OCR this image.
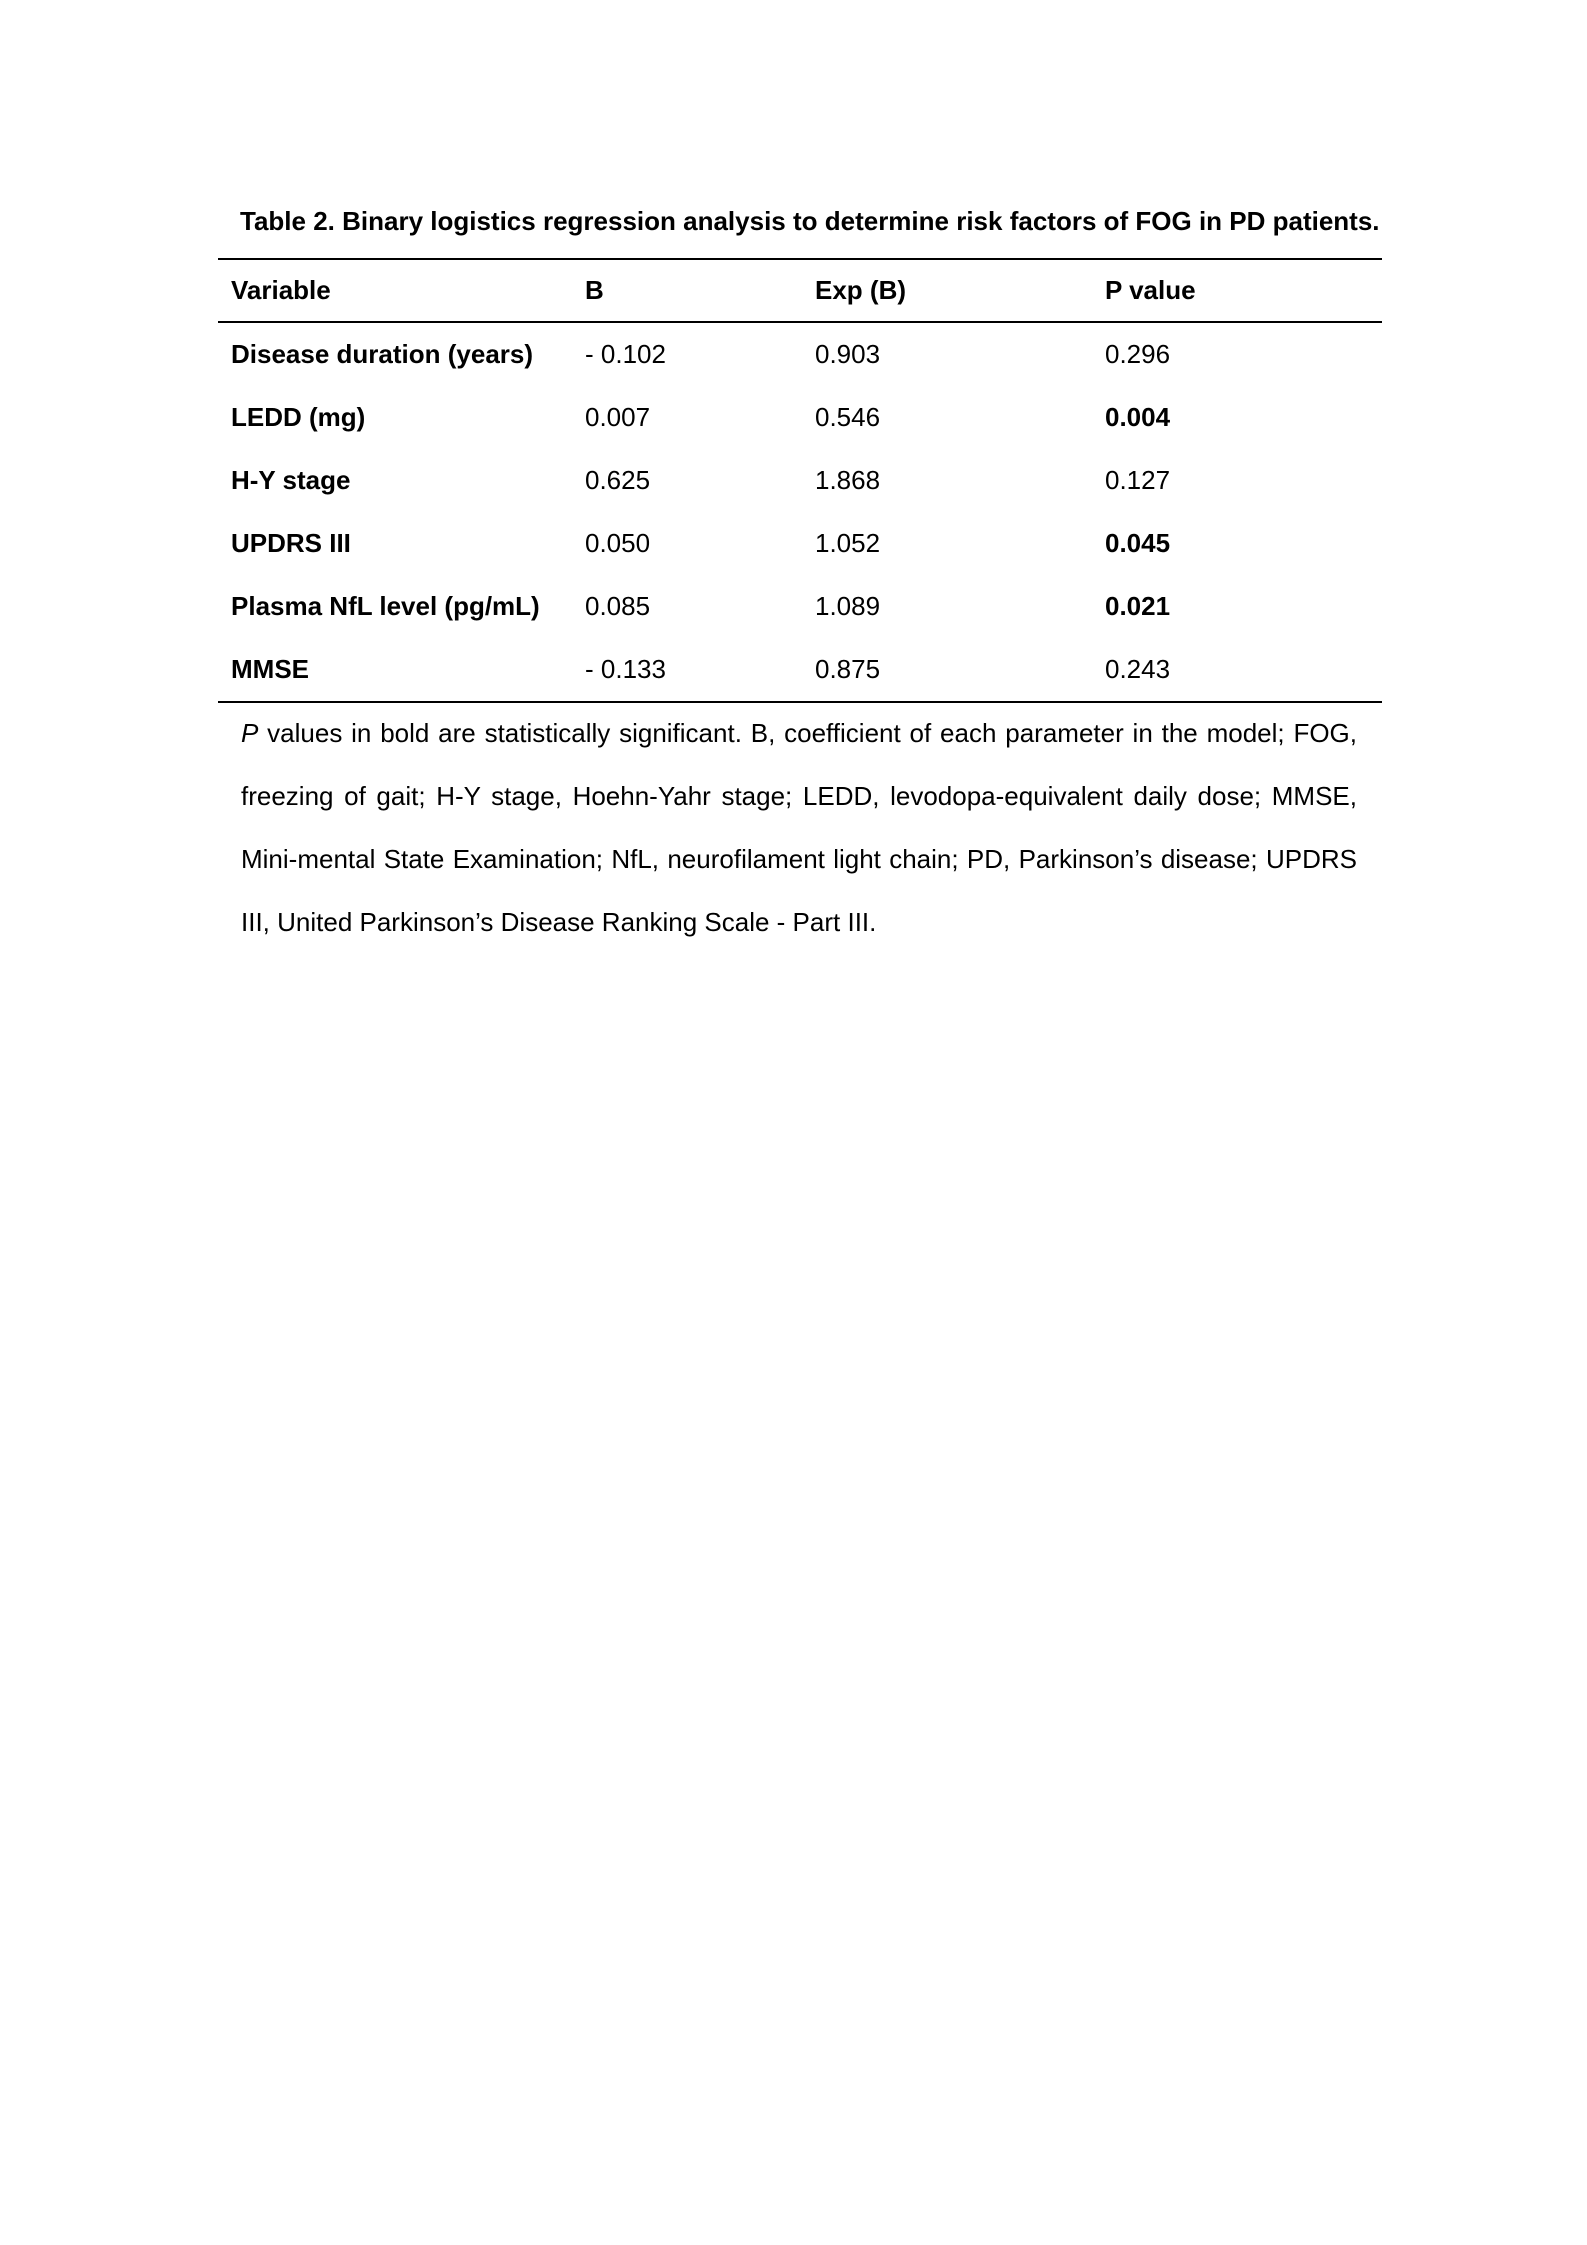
Table 2. Binary logistics regression analysis to determine risk factors of FOG in PD patients.
Variable	B	Exp (B)	P value
Disease duration (years)	- 0.102	0.903	0.296
LEDD (mg)	0.007	0.546	0.004
H-Y stage	0.625	1.868	0.127
UPDRS III	0.050	1.052	0.045
Plasma NfL level (pg/mL)	0.085	1.089	0.021
MMSE	- 0.133	0.875	0.243
P values in bold are statistically significant. B, coefficient of each parameter in the model; FOG, freezing of gait; H-Y stage, Hoehn-Yahr stage; LEDD, levodopa-equivalent daily dose; MMSE, Mini-mental State Examination; NfL, neurofilament light chain; PD, Parkinson’s disease; UPDRS III, United Parkinson’s Disease Ranking Scale - Part III.
